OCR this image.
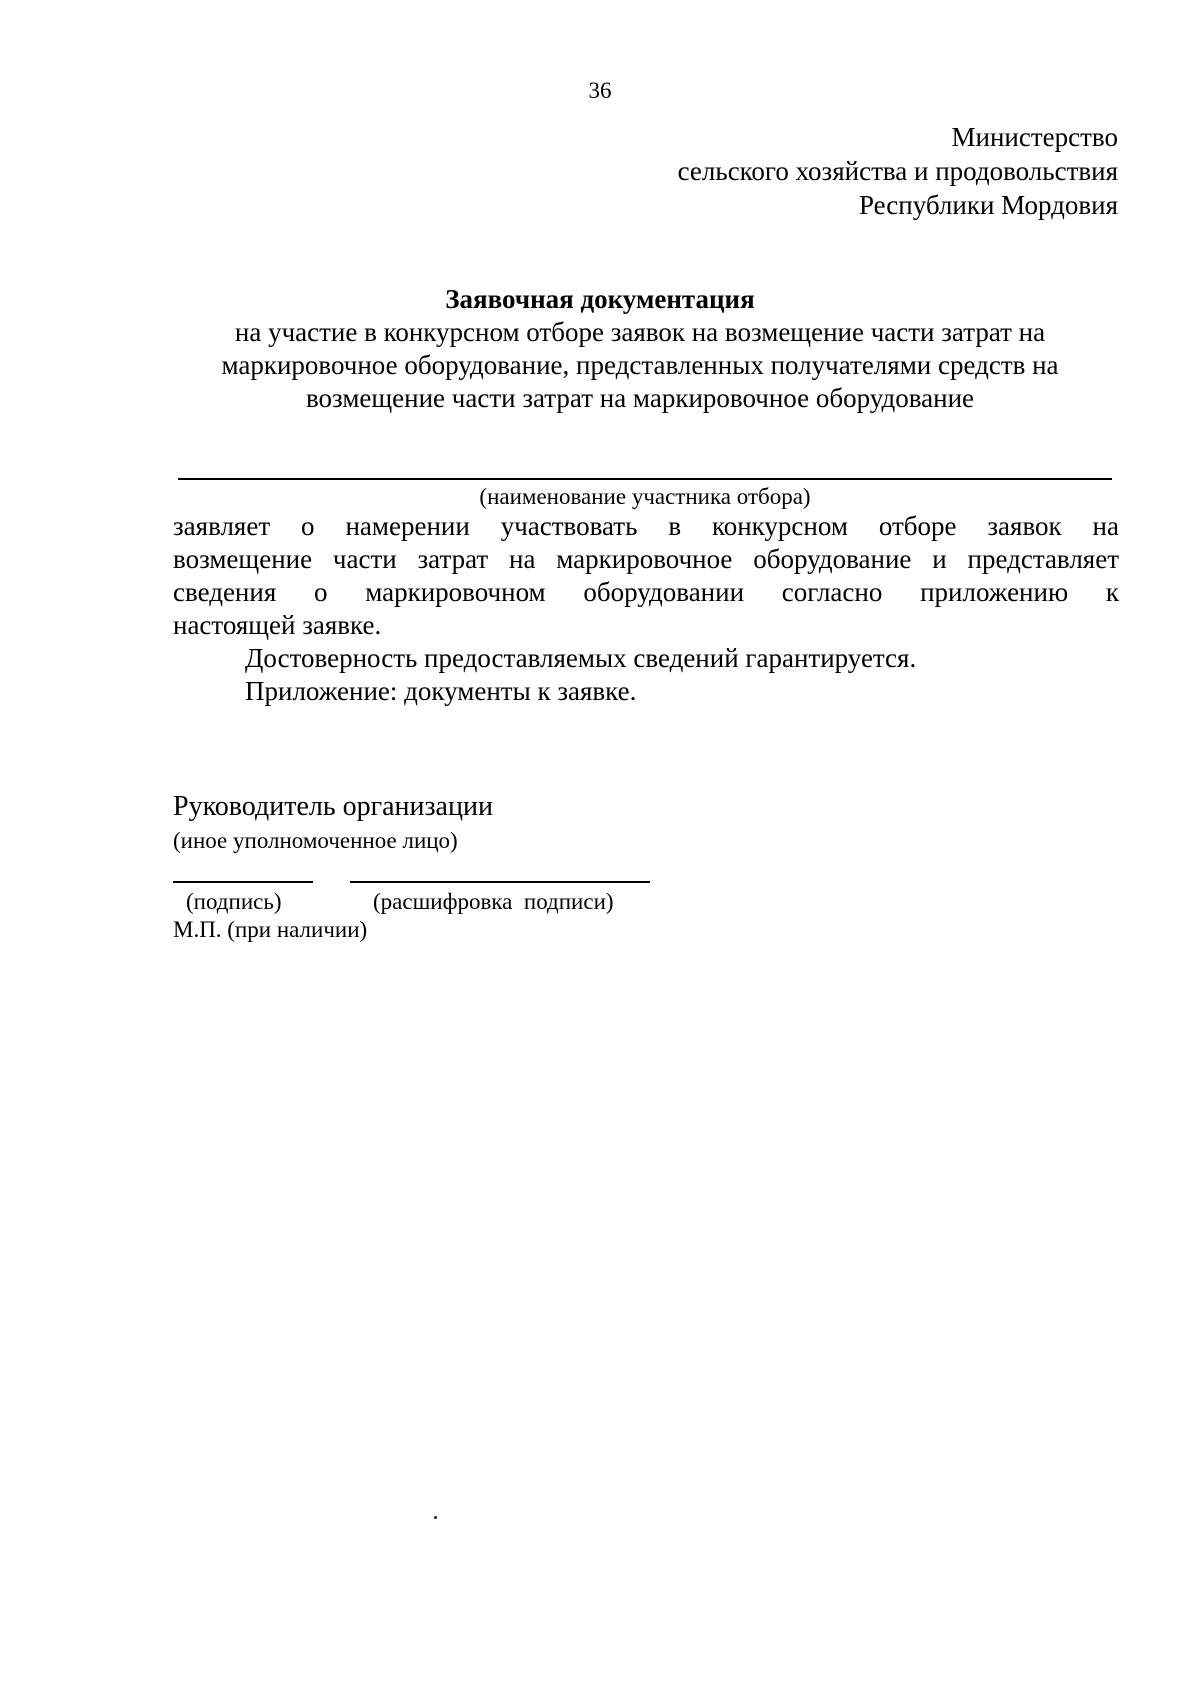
36
Министерство
сельского хозяйства и продовольствия
Республики Мордовия
Заявочная документация
на участие в конкурсном отборе заявок на возмещение части затрат на
маркировочное оборудование, представленных получателями средств на
возмещение части затрат на маркировочное оборудование
(наименование участника отбора)
заявляет о намерении участвовать в конкурсном отборе заявок на
возмещение части затрат на маркировочное оборудование и представляет
сведения о маркировочном оборудовании согласно приложению к
настоящей заявке.
Достоверность предоставляемых сведений гарантируется.
Приложение: документы к заявке.
Руководитель организации
(иное уполномоченное лицо)
(подпись)	(расшифровка  подписи)
М.П. (при наличии)
